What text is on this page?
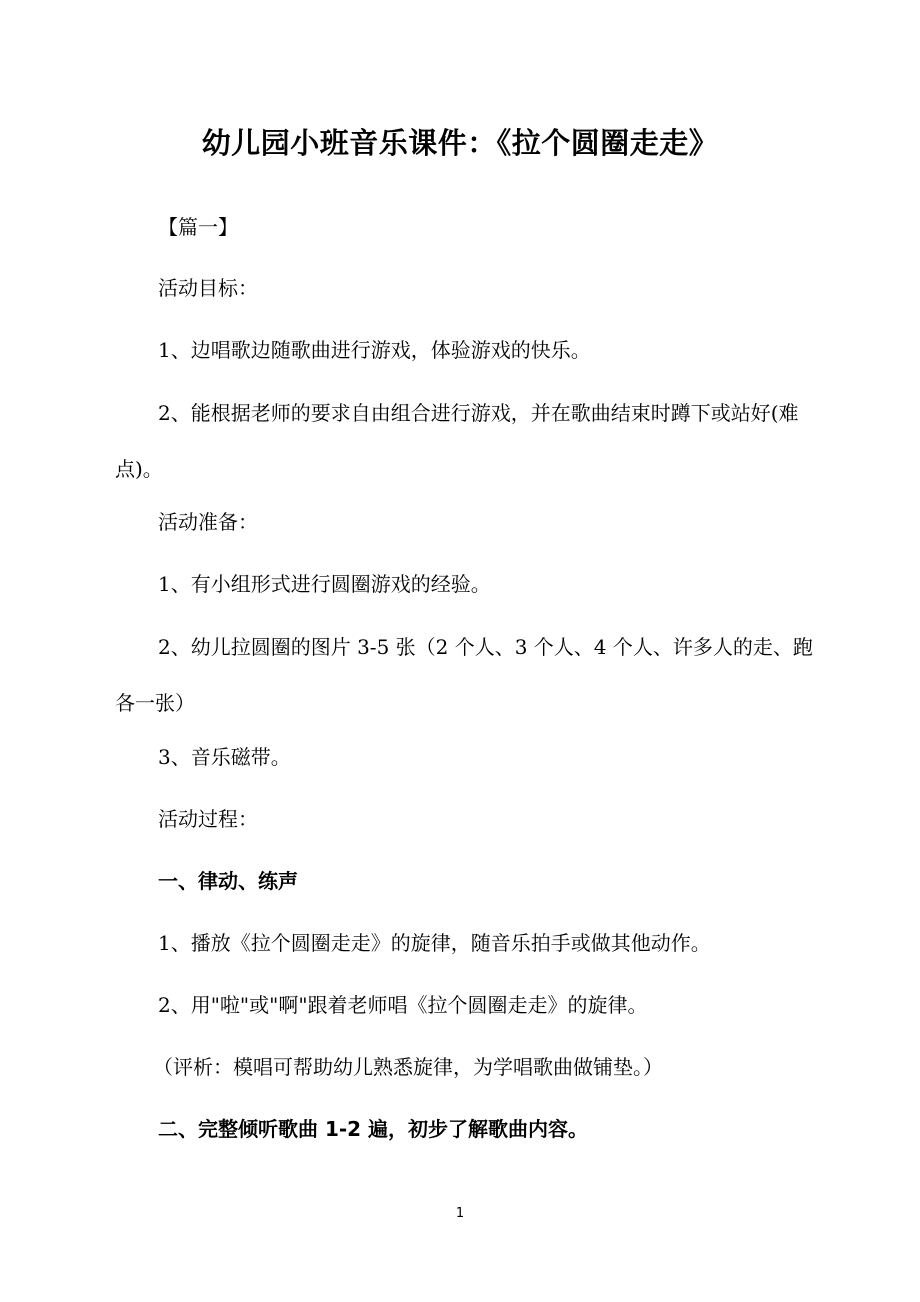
幼儿园小班音乐课件：《拉个圆圈走走》

【篇一】

活动目标：

1、边唱歌边随歌曲进行游戏，体验游戏的快乐。

2、能根据老师的要求自由组合进行游戏，并在歌曲结束时蹲下或站好(难点)。

活动准备：

1、有小组形式进行圆圈游戏的经验。

2、幼儿拉圆圈的图片 3-5 张（2 个人、3 个人、4 个人、许多人的走、跑各一张）

3、音乐磁带。

活动过程：

一、律动、练声

1、播放《拉个圆圈走走》的旋律，随音乐拍手或做其他动作。

2、用"啦"或"啊"跟着老师唱《拉个圆圈走走》的旋律。

（评析：模唱可帮助幼儿熟悉旋律，为学唱歌曲做铺垫。）

二、完整倾听歌曲 1-2 遍，初步了解歌曲内容。

1
